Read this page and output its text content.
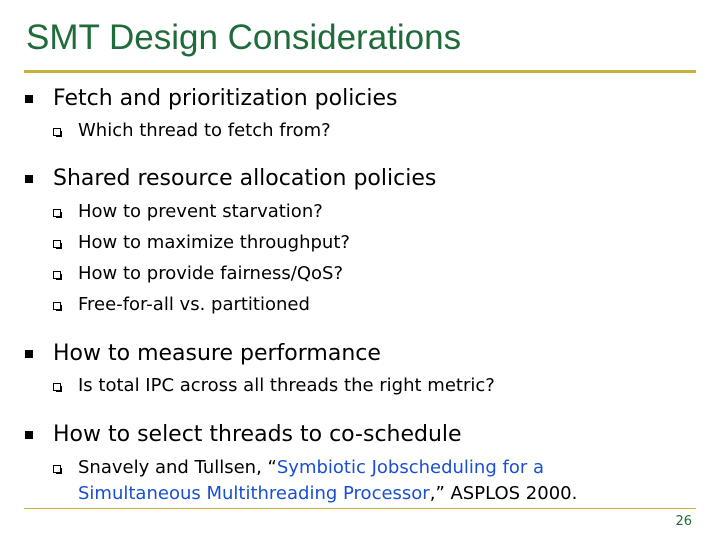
SMT Design Considerations
Fetch and prioritization policies
Which thread to fetch from?
Shared resource allocation policies
How to prevent starvation?
How to maximize throughput?
How to provide fairness/QoS?
Free-for-all vs. partitioned
How to measure performance
Is total IPC across all threads the right metric?
How to select threads to co-schedule
Snavely and Tullsen, “Symbiotic Jobscheduling for a
Simultaneous Multithreading Processor,” ASPLOS 2000.
26
